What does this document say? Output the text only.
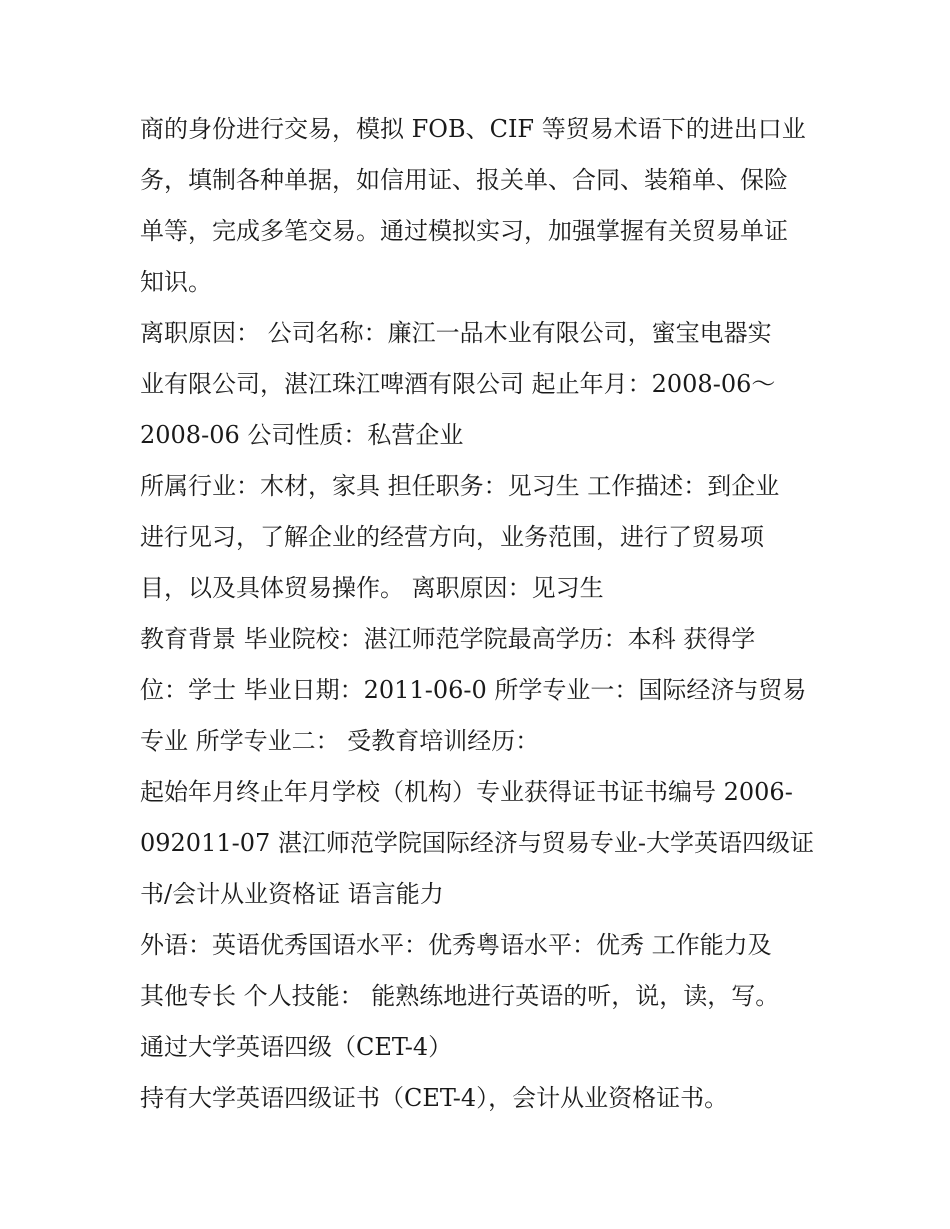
商的身份进行交易，模拟 FOB、CIF 等贸易术语下的进出口业
务，填制各种单据，如信用证、报关单、合同、装箱单、保险
单等，完成多笔交易。通过模拟实习，加强掌握有关贸易单证
知识。
离职原因： 公司名称：廉江一品木业有限公司，蜜宝电器实
业有限公司，湛江珠江啤酒有限公司 起止年月：2008-06～
2008-06 公司性质：私营企业
所属行业：木材，家具 担任职务：见习生 工作描述：到企业
进行见习，了解企业的经营方向，业务范围，进行了贸易项
目，以及具体贸易操作。 离职原因：见习生
教育背景 毕业院校：湛江师范学院最高学历：本科 获得学
位：学士 毕业日期：2011-06-0 所学专业一：国际经济与贸易
专业 所学专业二： 受教育培训经历：
起始年月终止年月学校（机构）专业获得证书证书编号 2006-
092011-07 湛江师范学院国际经济与贸易专业-大学英语四级证
书/会计从业资格证 语言能力
外语：英语优秀国语水平：优秀粤语水平：优秀 工作能力及
其他专长 个人技能： 能熟练地进行英语的听，说，读，写。
通过大学英语四级（CET-4）
持有大学英语四级证书（CET-4），会计从业资格证书。
